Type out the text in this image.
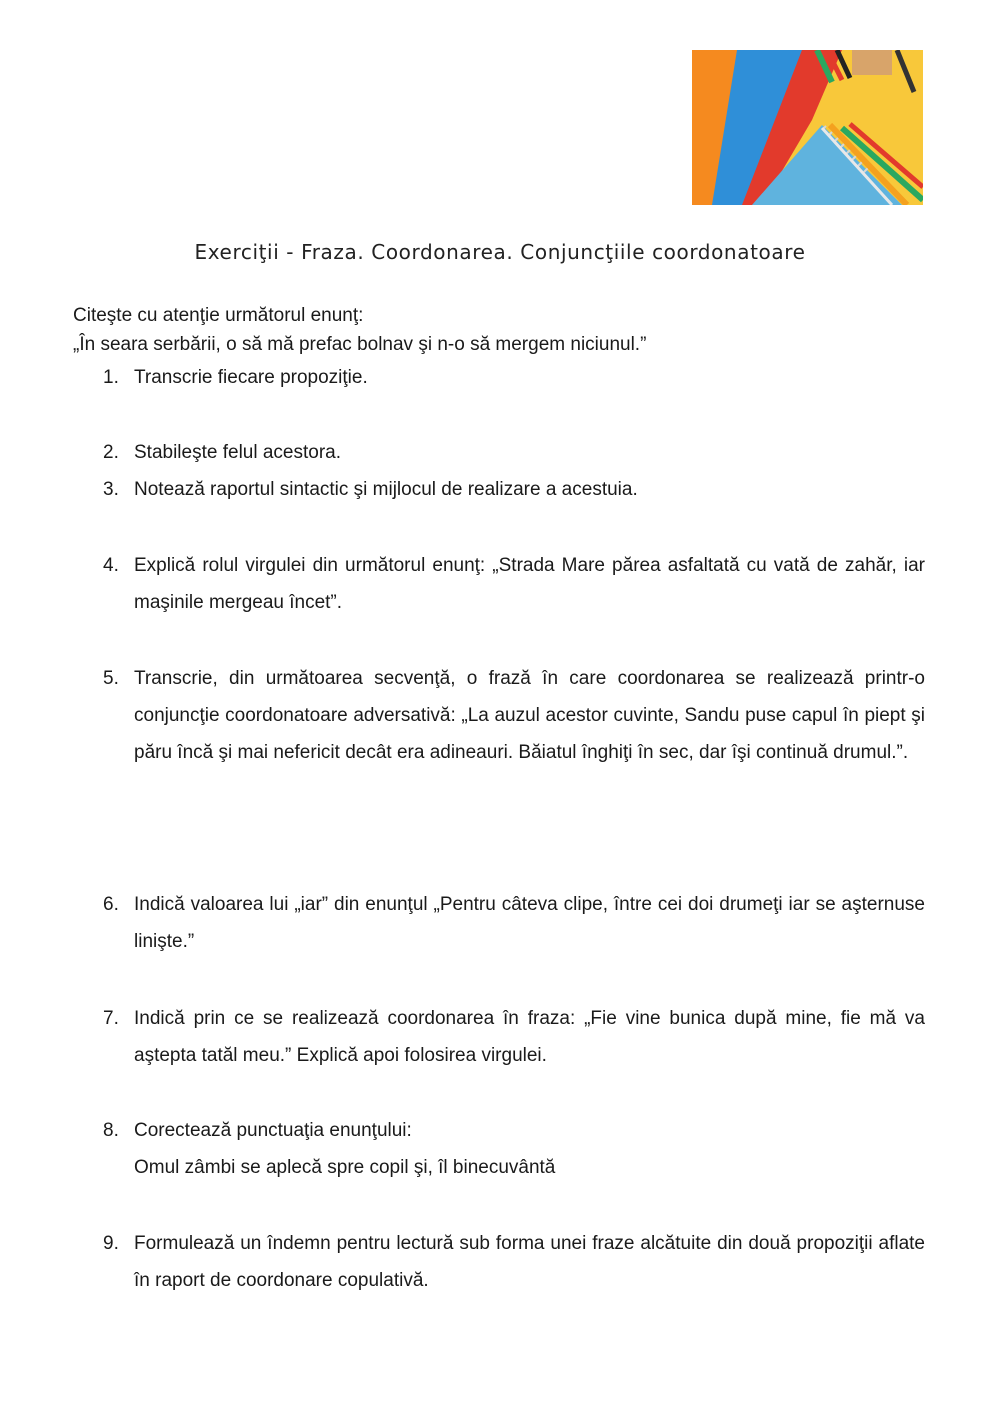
Exerciţii - Fraza. Coordonarea. Conjuncţiile coordonatoare

Citeşte cu atenţie următorul enunţ:

„În seara serbării, o să mă prefac bolnav şi n-o să mergem niciunul.”

1. Transcrie fiecare propoziţie.
2. Stabileşte felul acestora.
3. Notează raportul sintactic şi mijlocul de realizare a acestuia.
4. Explică rolul virgulei din următorul enunţ: „Strada Mare părea asfaltată cu vată de zahăr, iar maşinile mergeau încet”.
5. Transcrie, din următoarea secvenţă, o frază în care coordonarea se realizează printr-o conjuncţie coordonatoare adversativă: „La auzul acestor cuvinte, Sandu puse capul în piept şi păru încă şi mai nefericit decât era adineauri. Băiatul înghiţi în sec, dar îşi continuă drumul.”.
6. Indică valoarea lui „iar” din enunţul „Pentru câteva clipe, între cei doi drumeţi iar se aşternuse linişte.”
7. Indică prin ce se realizează coordonarea în fraza: „Fie vine bunica după mine, fie mă va aştepta tatăl meu.” Explică apoi folosirea virgulei.
8. Corectează punctuaţia enunţului:
Omul zâmbi se aplecă spre copil şi, îl binecuvântă
9. Formulează un îndemn pentru lectură sub forma unei fraze alcătuite din două propoziţii aflate în raport de coordonare copulativă.
